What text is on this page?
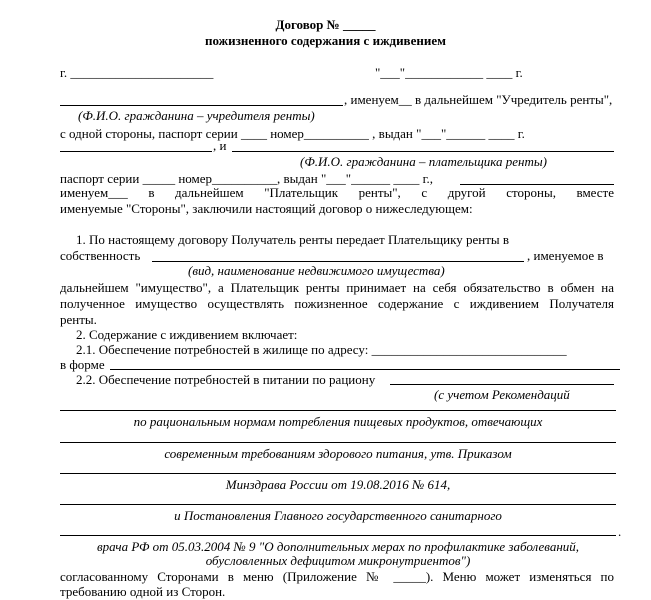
Договор № _____
пожизненного содержания с иждивением
г. ______________________	"___"____________ ____ г.
, именуем__ в дальнейшем "Учредитель ренты",
(Ф.И.О. гражданина – учредителя ренты)
с одной стороны, паспорт серии ____ номер__________ , выдан "___"______ ____ г.
, и
(Ф.И.О. гражданина – плательщика ренты)
паспорт серии _____ номер__________, выдан "___"______ ____ г.,
именуем___ в дальнейшем "Плательщик ренты", с другой стороны, вместе
именуемые "Стороны", заключили настоящий договор о нижеследующем:
1. По настоящему договору Получатель ренты передает Плательщику ренты в
собственность	, именуемое в
(вид, наименование недвижимого имущества)
дальнейшем "имущество", а Плательщик ренты принимает на себя обязательство в обмен на
полученное имущество осуществлять пожизненное содержание с иждивением Получателя
ренты.
2. Содержание с иждивением включает:
2.1. Обеспечение потребностей в жилище по адресу: ______________________________
в форме
2.2. Обеспечение потребностей в питании по рациону
(с учетом Рекомендаций
по рациональным нормам потребления пищевых продуктов, отвечающих
современным требованиям здорового питания, утв. Приказом
Минздрава России от 19.08.2016 № 614,
и Постановления Главного государственного санитарного
.
врача РФ от 05.03.2004 № 9 "О дополнительных мерах по профилактике заболеваний,
обусловленных дефицитом микронутриентов")
согласованному Сторонами в меню (Приложение № _____). Меню может изменяться по
требованию одной из Сторон.
